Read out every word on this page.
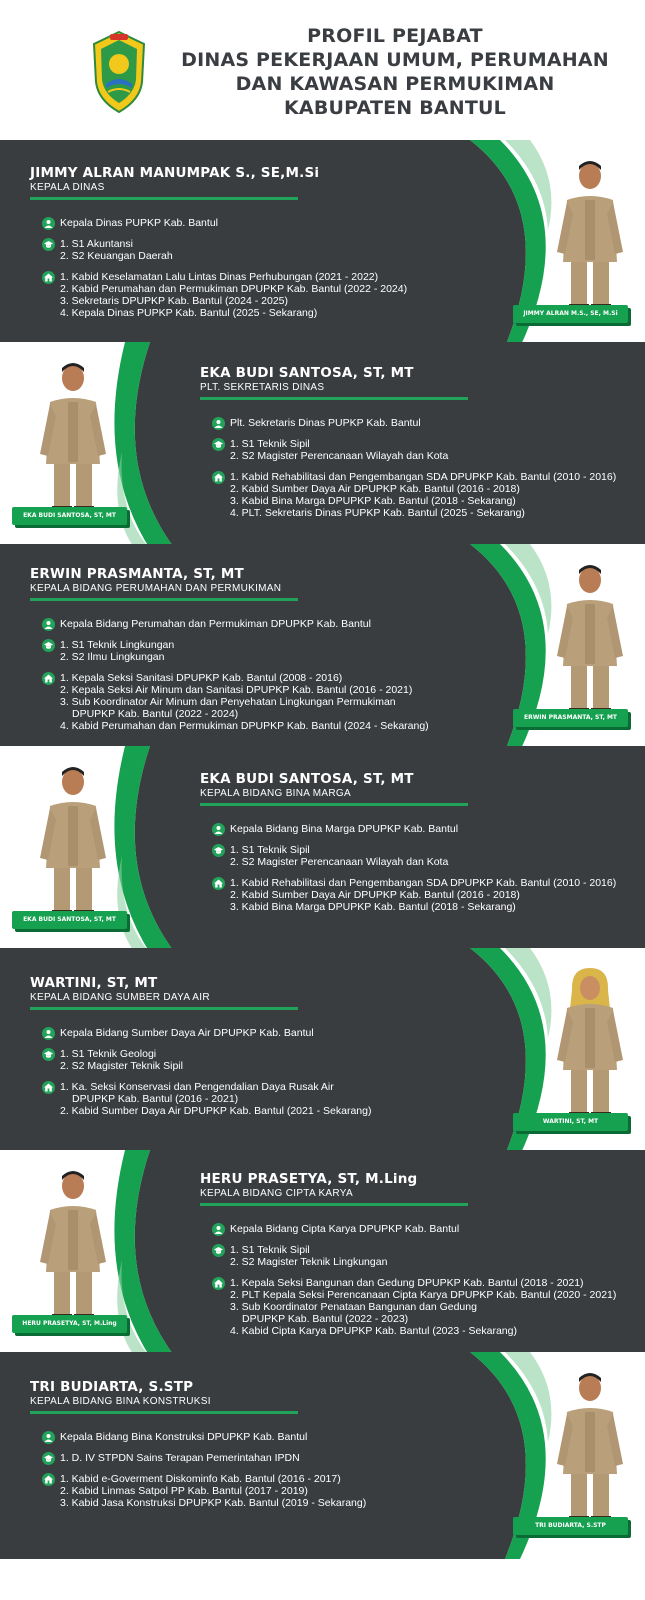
PROFIL PEJABAT
DINAS PEKERJAAN UMUM, PERUMAHAN
DAN KAWASAN PERMUKIMAN
KABUPATEN BANTUL
JIMMY ALRAN M.S., SE, M.Si
JIMMY ALRAN MANUMPAK S., SE,M.Si
KEPALA DINAS
Kepala Dinas PUPKP Kab. Bantul
1. S1 Akuntansi
2. S2 Keuangan Daerah
1. Kabid Keselamatan Lalu Lintas Dinas Perhubungan (2021 - 2022)
2. Kabid Perumahan dan Permukiman DPUPKP Kab. Bantul (2022 - 2024)
3. Sekretaris DPUPKP Kab. Bantul (2024 - 2025)
4. Kepala Dinas PUPKP Kab. Bantul (2025 - Sekarang)
EKA BUDI SANTOSA, ST, MT
EKA BUDI SANTOSA, ST, MT
PLT. SEKRETARIS DINAS
Plt. Sekretaris Dinas PUPKP Kab. Bantul
1. S1 Teknik Sipil
2. S2 Magister Perencanaan Wilayah dan Kota
1. Kabid Rehabilitasi dan Pengembangan SDA DPUPKP Kab. Bantul (2010 - 2016)
2. Kabid Sumber Daya Air DPUPKP Kab. Bantul (2016 - 2018)
3. Kabid Bina Marga DPUPKP Kab. Bantul (2018 - Sekarang)
4. PLT. Sekretaris Dinas PUPKP Kab. Bantul (2025 - Sekarang)
ERWIN PRASMANTA, ST, MT
ERWIN PRASMANTA, ST, MT
KEPALA BIDANG PERUMAHAN DAN PERMUKIMAN
Kepala Bidang Perumahan dan Permukiman DPUPKP Kab. Bantul
1. S1 Teknik Lingkungan
2. S2 Ilmu Lingkungan
1. Kepala Seksi Sanitasi DPUPKP Kab. Bantul (2008 - 2016)
2. Kepala Seksi Air Minum dan Sanitasi DPUPKP Kab. Bantul (2016 - 2021)
3. Sub Koordinator Air Minum dan Penyehatan Lingkungan Permukiman
DPUPKP Kab. Bantul (2022 - 2024)
4. Kabid Perumahan dan Permukiman DPUPKP Kab. Bantul (2024 - Sekarang)
EKA BUDI SANTOSA, ST, MT
EKA BUDI SANTOSA, ST, MT
KEPALA BIDANG BINA MARGA
Kepala Bidang Bina Marga DPUPKP Kab. Bantul
1. S1 Teknik Sipil
2. S2 Magister Perencanaan Wilayah dan Kota
1. Kabid Rehabilitasi dan Pengembangan SDA DPUPKP Kab. Bantul (2010 - 2016)
2. Kabid Sumber Daya Air DPUPKP Kab. Bantul (2016 - 2018)
3. Kabid Bina Marga DPUPKP Kab. Bantul (2018 - Sekarang)
WARTINI, ST, MT
WARTINI, ST, MT
KEPALA BIDANG SUMBER DAYA AIR
Kepala Bidang Sumber Daya Air DPUPKP Kab. Bantul
1. S1 Teknik Geologi
2. S2 Magister Teknik Sipil
1. Ka. Seksi Konservasi dan Pengendalian Daya Rusak Air
DPUPKP Kab. Bantul (2016 - 2021)
2. Kabid Sumber Daya Air DPUPKP Kab. Bantul (2021 - Sekarang)
HERU PRASETYA, ST, M.Ling
HERU PRASETYA, ST, M.Ling
KEPALA BIDANG CIPTA KARYA
Kepala Bidang Cipta Karya DPUPKP Kab. Bantul
1. S1 Teknik Sipil
2. S2 Magister Teknik Lingkungan
1. Kepala Seksi Bangunan dan Gedung DPUPKP Kab. Bantul (2018 - 2021)
2. PLT Kepala Seksi Perencanaan Cipta Karya DPUPKP Kab. Bantul (2020 - 2021)
3. Sub Koordinator Penataan Bangunan dan Gedung
DPUPKP Kab. Bantul (2022 - 2023)
4. Kabid Cipta Karya DPUPKP Kab. Bantul (2023 - Sekarang)
TRI BUDIARTA, S.STP
TRI BUDIARTA, S.STP
KEPALA BIDANG BINA KONSTRUKSI
Kepala Bidang Bina Konstruksi DPUPKP Kab. Bantul
1. D. IV STPDN Sains Terapan Pemerintahan IPDN
1. Kabid e-Goverment Diskominfo Kab. Bantul (2016 - 2017)
2. Kabid Linmas Satpol PP Kab. Bantul (2017 - 2019)
3. Kabid Jasa Konstruksi DPUPKP Kab. Bantul (2019 - Sekarang)
